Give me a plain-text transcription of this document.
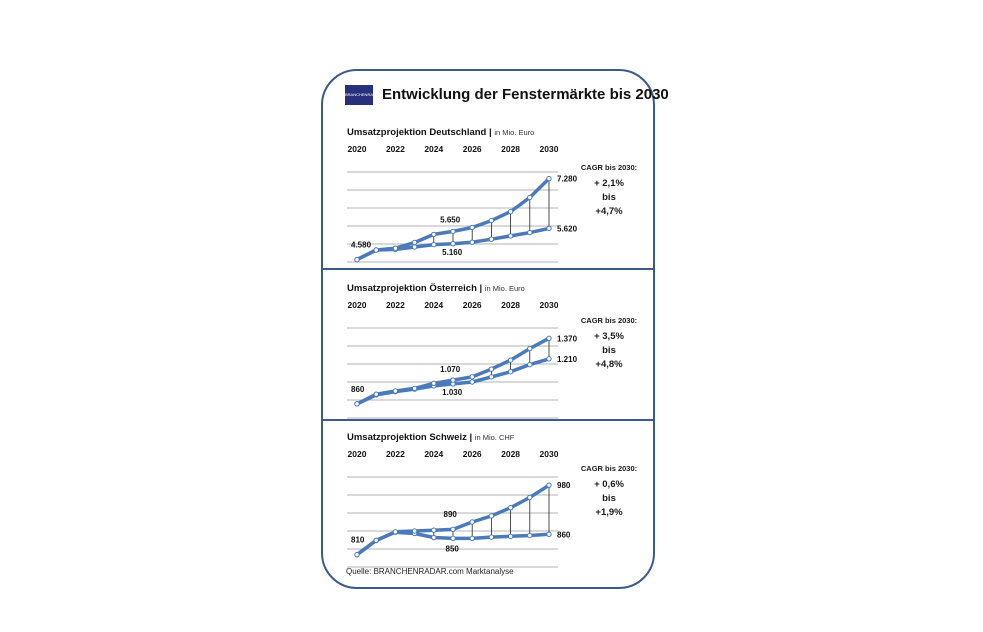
BRANCHENRADAR Entwicklung der Fenstermärkte bis 2030
Umsatzprojektion Deutschland | in Mio. Euro
2020 2022 2024 2026 2028 2030
4.580
5.160
5.650
7.280
5.620
CAGR bis 2030:
+ 2,1%
bis
+4,7%
Umsatzprojektion Österreich | in Mio. Euro
2020 2022 2024 2026 2028 2030
860	1.030
1.070
1.370
1.210
CAGR bis 2030:
+ 3,5%
bis
+4,8%
Umsatzprojektion Schweiz | in Mio. CHF
2020 2022 2024 2026 2028 2030
810
850
890
980
860
CAGR bis 2030:
+ 0,6%
bis
+1,9%
Quelle: BRANCHENRADAR.com Marktanalyse
